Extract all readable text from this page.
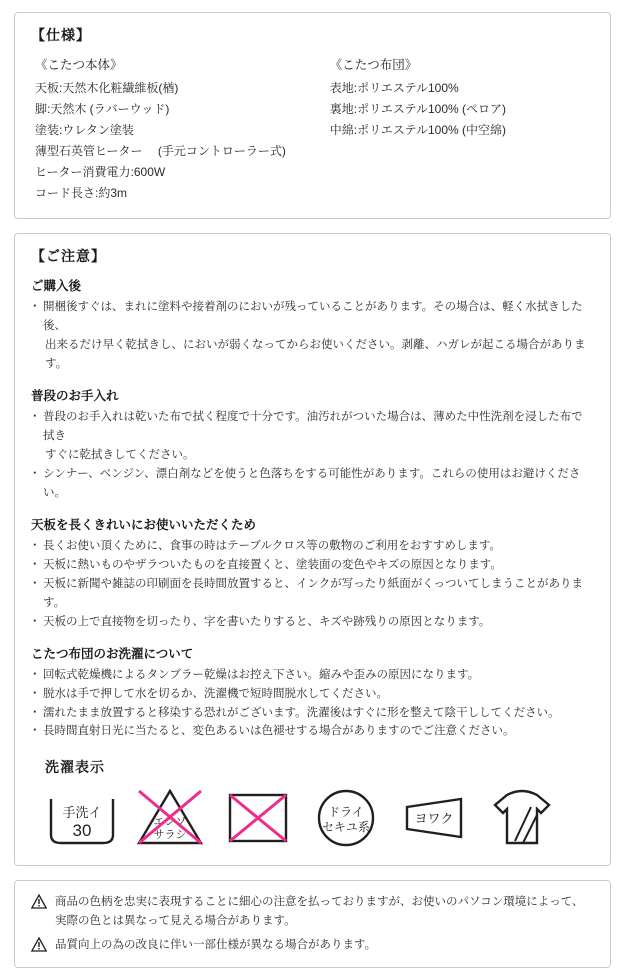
【仕様】
《こたつ本体》
天板:天然木化粧繊維板(楢)
脚:天然木 (ラバーウッド)
塗装:ウレタン塗装
薄型石英管ヒーター 　(手元コントローラー式)
ヒーター消費電力:600W
コード長さ:約3m
《こたつ布団》
表地:ポリエステル100%
裏地:ポリエステル100% (ペロア)
中綿:ポリエステル100% (中空綿)
【ご注意】
ご購入後
・ 開梱後すぐは、まれに塗料や接着剤のにおいが残っていることがあります。その場合は、軽く水拭きした後、
出来るだけ早く乾拭きし、においが弱くなってからお使いください。剥離、ハガレが起こる場合があります。
普段のお手入れ
・ 普段のお手入れは乾いた布で拭く程度で十分です。油汚れがついた場合は、薄めた中性洗剤を浸した布で拭き
すぐに乾拭きしてください。
・ シンナー、ベンジン、漂白剤などを使うと色落ちをする可能性があります。これらの使用はお避けください。
天板を長くきれいにお使いいただくため
・ 長くお使い頂くために、食事の時はテーブルクロス等の敷物のご利用をおすすめします。
・ 天板に熱いものやザラついたものを直接置くと、塗装面の変色やキズの原因となります。
・ 天板に新聞や雑誌の印刷面を長時間放置すると、インクが写ったり紙面がくっついてしまうことがあります。
・ 天板の上で直接物を切ったり、字を書いたりすると、キズや跡残りの原因となります。
こたつ布団のお洗濯について
・ 回転式乾燥機によるタンブラー乾燥はお控え下さい。縮みや歪みの原因になります。
・ 脱水は手で押して水を切るか、洗濯機で短時間脱水してください。
・ 濡れたまま放置すると移染する恐れがございます。洗濯後はすぐに形を整えて陰干ししてください。
・ 長時間直射日光に当たると、変色あるいは色褪せする場合がありますのでご注意ください。
洗濯表示
手洗イ
30	エンソ
サラシ
ドライ
セキユ系
ヨワク
商品の色柄を忠実に表現することに細心の注意を払っておりますが、お使いのパソコン環境によって、
実際の色とは異なって見える場合があります。
品質向上の為の改良に伴い一部仕様が異なる場合があります。
